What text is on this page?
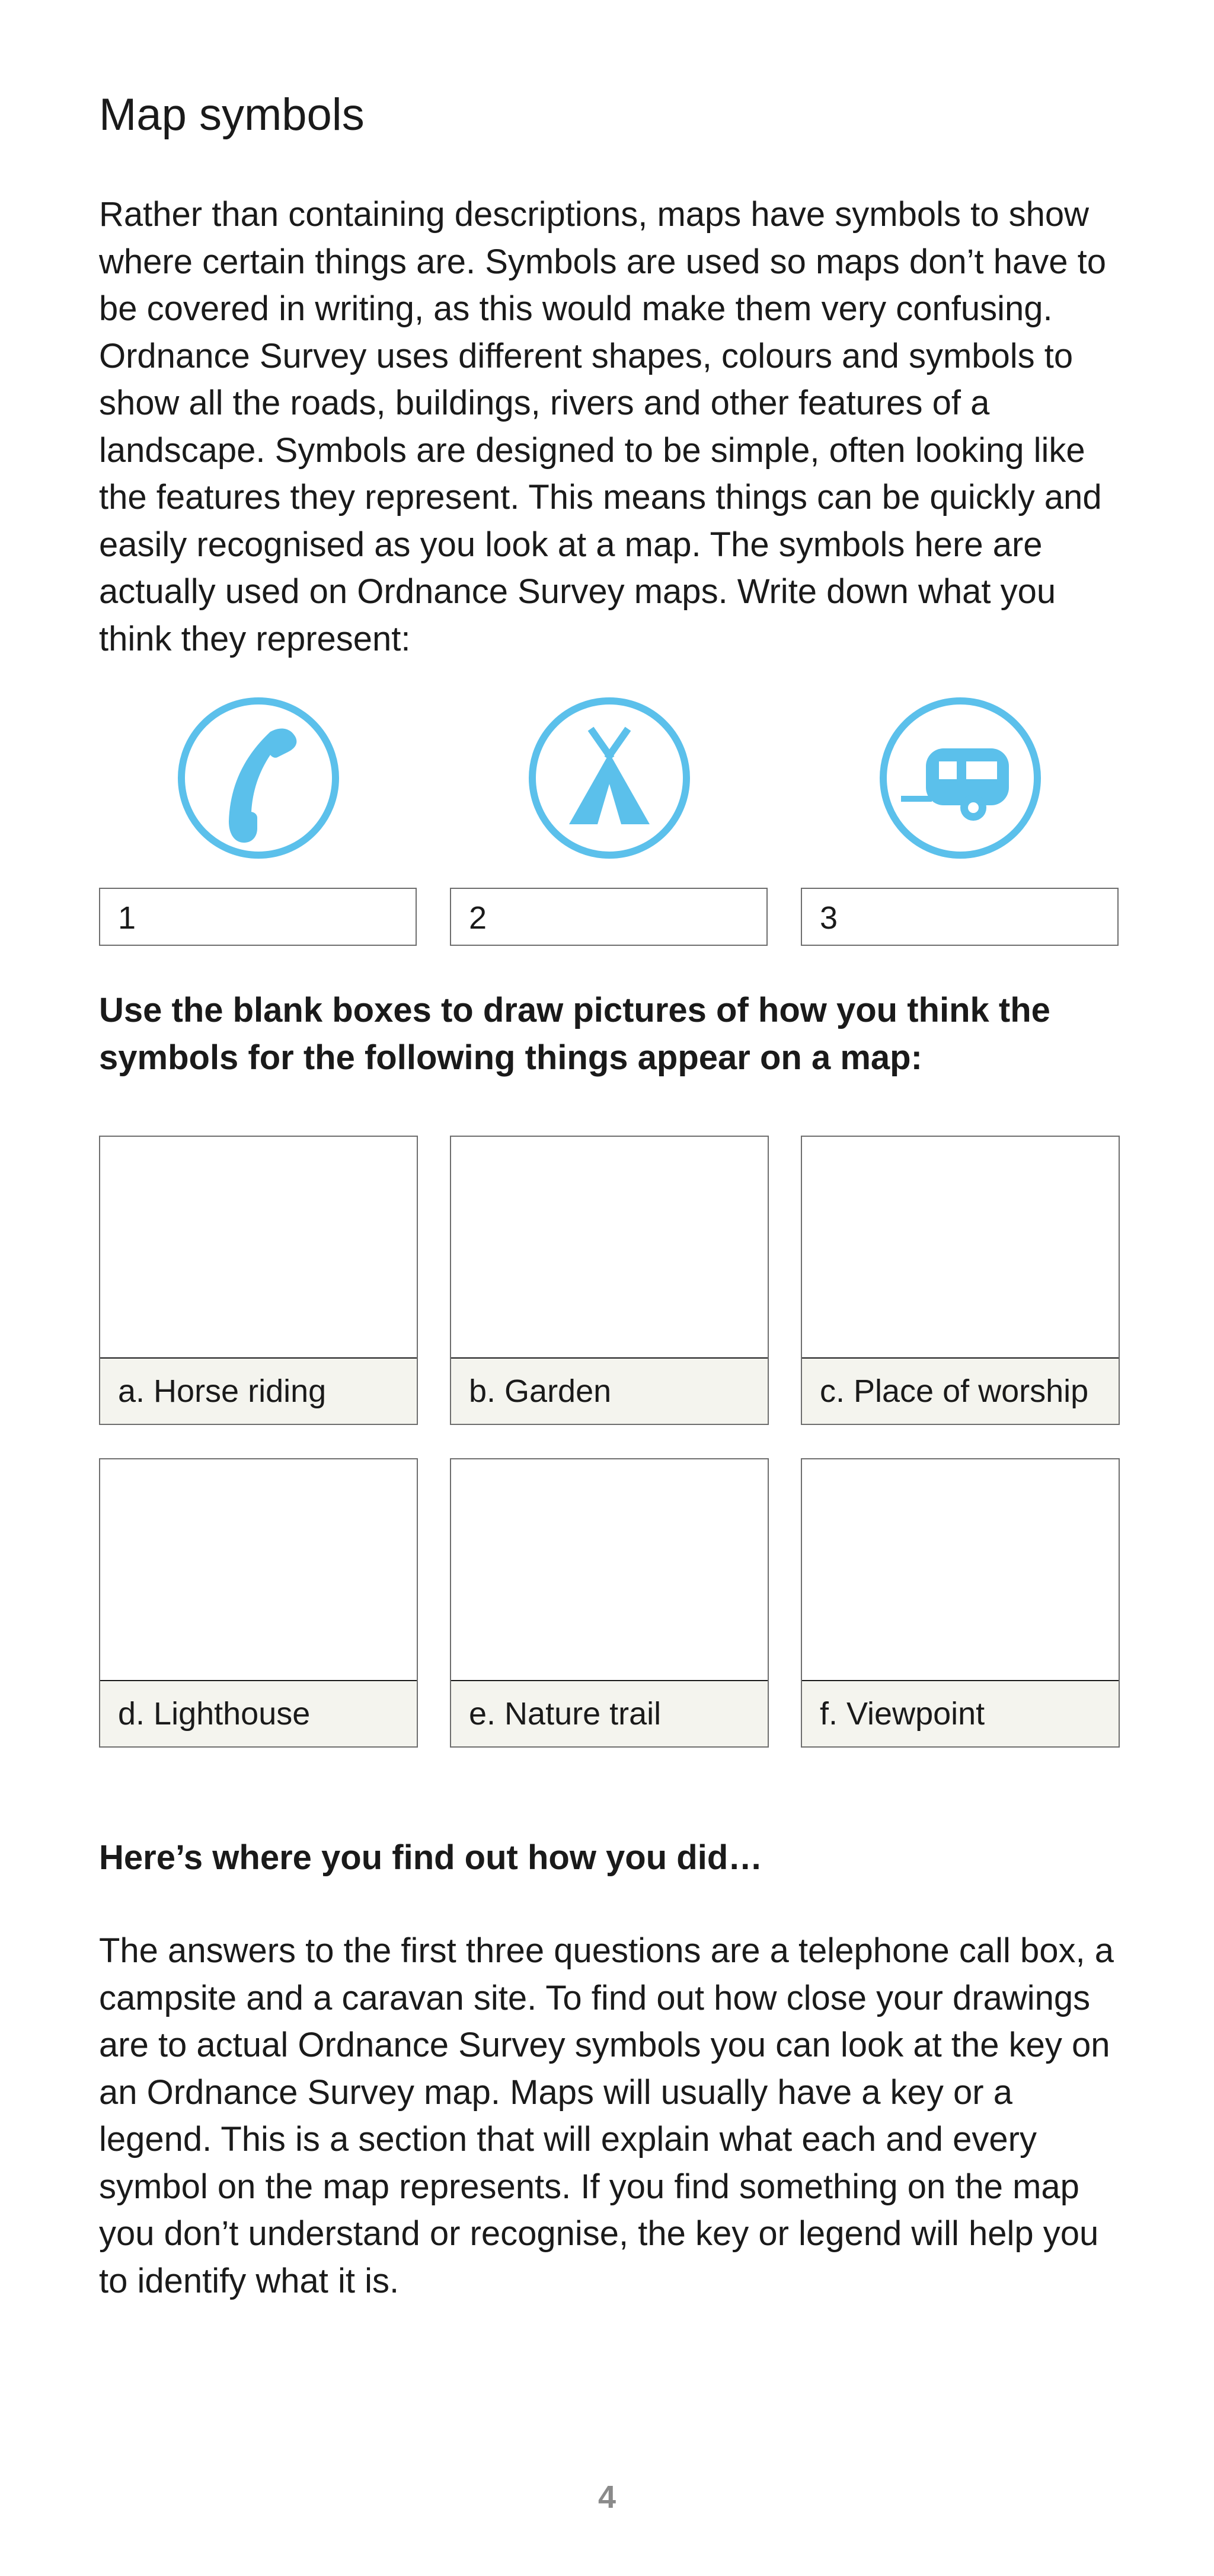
Map symbols

Rather than containing descriptions, maps have symbols to show where certain things are. Symbols are used so maps don’t have to be covered in writing, as this would make them very confusing. Ordnance Survey uses different shapes, colours and symbols to show all the roads, buildings, rivers and other features of a landscape. Symbols are designed to be simple, often looking like the features they represent. This means things can be quickly and easily recognised as you look at a map. The symbols here are actually used on Ordnance Survey maps. Write down what you think they represent:

1	2	3

Use the blank boxes to draw pictures of how you think the symbols for the following things appear on a map:

a. Horse riding	b. Garden	c. Place of worship
d. Lighthouse	e. Nature trail	f. Viewpoint

Here’s where you find out how you did…

The answers to the first three questions are a telephone call box, a campsite and a caravan site. To find out how close your drawings are to actual Ordnance Survey symbols you can look at the key on an Ordnance Survey map. Maps will usually have a key or a legend. This is a section that will explain what each and every symbol on the map represents. If you find something on the map you don’t understand or recognise, the key or legend will help you to identify what it is.

4
